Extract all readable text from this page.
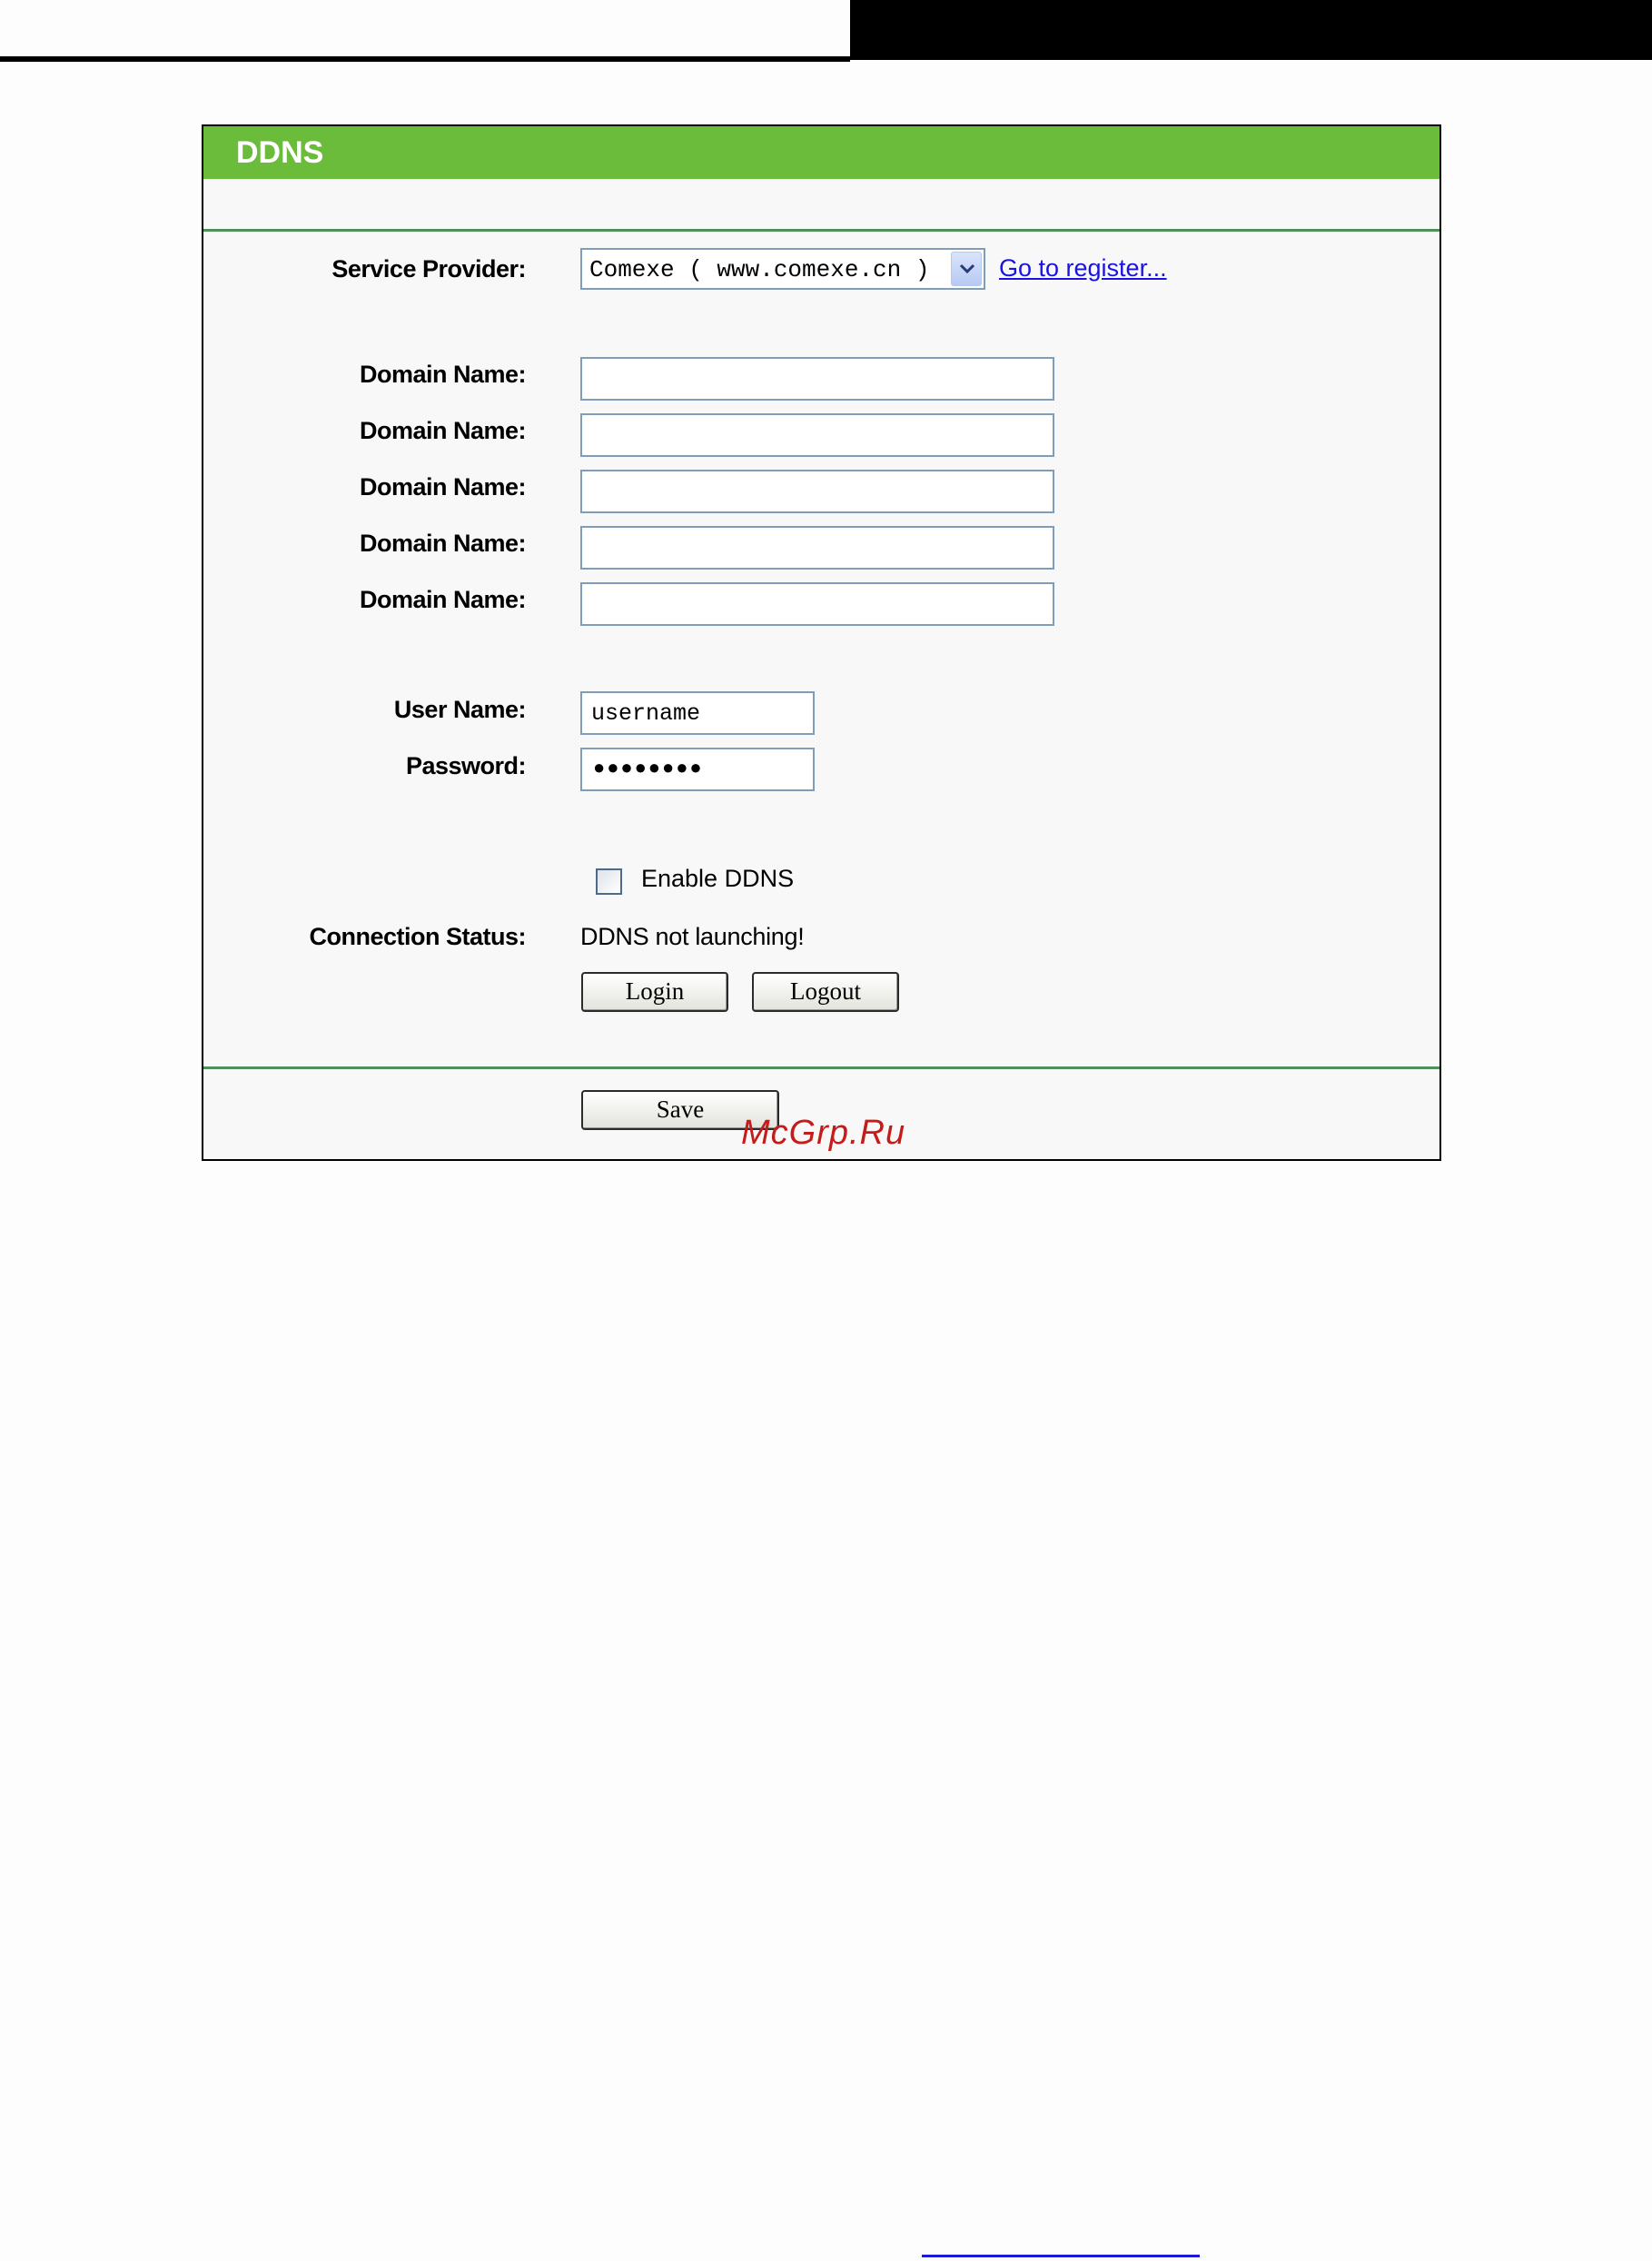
DDNS
Service Provider:	Comexe ( www.comexe.cn )	Go to register...
Domain Name:
Domain Name:
Domain Name:
Domain Name:
Domain Name:
User Name:
username
Password:	●●●●●●●●
Enable DDNS
Connection Status: DDNS not launching!
Login	Logout
Save
McGrp.Ru
